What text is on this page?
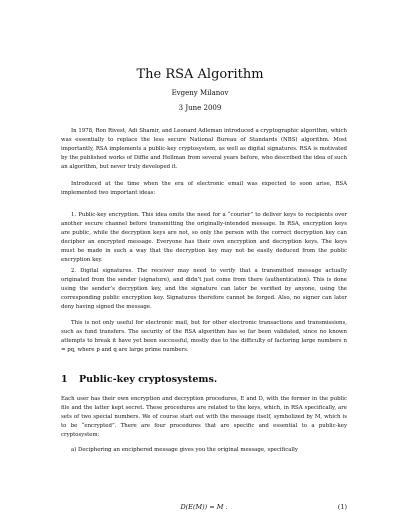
The RSA Algorithm
Evgeny Milanov
3 June 2009

In 1978, Ron Rivest, Adi Shamir, and Leonard Adleman introduced a cryptographic algorithm, which was essentially to replace the less secure National Bureau of Standards (NBS) algorithm. Most importantly, RSA implements a public-key cryptosystem, as well as digital signatures. RSA is motivated by the published works of Diffie and Hellman from several years before, who described the idea of such an algorithm, but never truly developed it.

Introduced at the time when the era of electronic email was expected to soon arise, RSA implemented two important ideas:

1. Public-key encryption. This idea omits the need for a “courier” to deliver keys to recipients over another secure channel before transmitting the originally-intended message. In RSA, encryption keys are public, while the decryption keys are not, so only the person with the correct decryption key can decipher an encrypted message. Everyone has their own encryption and decryption keys. The keys must be made in such a way that the decryption key may not be easily deduced from the public encryption key.

2. Digital signatures. The receiver may need to verify that a transmitted message actually originated from the sender (signature), and didn’t just come from there (authentication). This is done using the sender’s decryption key, and the signature can later be verified by anyone, using the corresponding public encryption key. Signatures therefore cannot be forged. Also, no signer can later deny having signed the message.

This is not only useful for electronic mail, but for other electronic transactions and transmissions, such as fund transfers. The security of the RSA algorithm has so far been validated, since no known attempts to break it have yet been successful, mostly due to the difficulty of factoring large numbers n = pq, where p and q are large prime numbers.

1 Public-key cryptosystems.

Each user has their own encryption and decryption procedures, E and D, with the former in the public file and the latter kept secret. These procedures are related to the keys, which, in RSA specifically, are sets of two special numbers. We of course start out with the message itself, symbolized by M, which is to be “encrypted”. There are four procedures that are specific and essential to a public-key cryptosystem:

a) Deciphering an enciphered message gives you the original message, specifically

D(E(M)) = M .	(1)
